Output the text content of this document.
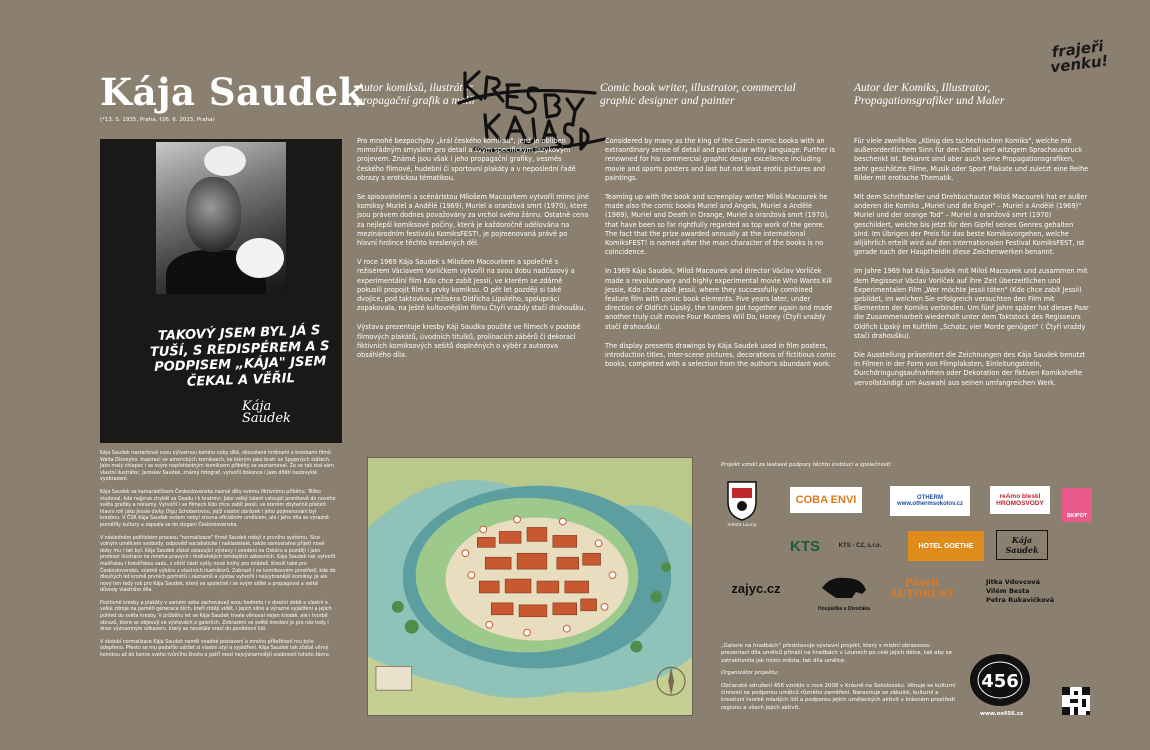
Kája Saudek
(*13. 5. 1935, Praha, †26. 6. 2015, Praha)
Autor komiksů, ilustrátor, propagační grafik a malíř
Comic book writer, illustrator, commercial graphic designer and painter
Autor der Komiks, Illustrator, Propagationsgrafiker und Maler
KRESBY KÁJI SAUDKA	frajeři venku!
TAKOVÝ JSEM BYL JÁ S TUŠÍ, S REDISPÉREM A S PODPISEM „KÁJA" JSEM ČEKAL A VĚŘIL
Kája Saudek

Pro mnohé bezpochyby „král českého komiksu", jenž je oblíben mimořádným smyslem pro detail a svým specifickým jazykovým projevem. Známé jsou však i jeho propagační grafiky, vesměs českého filmové, hudební či sportovní plakáty a v neposlední řadě obrazy s erotickou tématikou.

Se spisovatelem a scénáristou Milošem Macourkem vytvořil mimo jiné komiksy Muriel a Andělé (1969), Muriel a oranžová smrt (1970), které jsou právem dodnes považovány za vrchol svého žánru. Ostatně cena za nejlepší komiksové počiny, která je každoročně udělována na mezinárodním festivalu KomiksFEST!, je pojmenovaná právě po hlavní hrdince těchto kreslených děl.

V roce 1969 Kája Saudek s Milošem Macourkem a společně s režisérem Václavem Vorlíčkem vytvořil na svou dobu nadčasový a experimentální film Kdo chce zabít Jessii, ve kterém se zdárně pokusili propojit film s prvky komiksu. O pět let později si také dvojice, pod taktovkou režiséra Oldřicha Lipského, spolupráci zopakovala, na ještě kultovnějším filmu Čtyři vraždy stačí drahoušku.

Výstava prezentuje kresby Káji Saudka použité ve filmech v podobě filmových plakátů, úvodních titulků, prolínacích záběrů či dekorací fiktivních komiksových sešitů doplněných o výběr z autorova obsáhlého díla.

Considered by many as the king of the Czech comic books with an extraordinary sense of detail and particular witty language. Further is renowned for his commercial graphic design excellence including movie and sports posters and last but not least erotic pictures and paintings.

Teaming up with the book and screenplay writer Miloš Macourek he made also the comic books Muriel and Angels, Muriel a Andělé (1969), Muriel and Death in Orange, Muriel a oranžová smrt (1970), that have been so far rightfully regarded as top work of the genre. The fact that the prize awarded annually at the international KomiksFEST! is named after the main character of the books is no coincidence.

In 1969 Kája Saudek, Miloš Macourek and director Václav Vorlíček made a revolutionary and highly experimental movie Who Wants Kill Jessie, Kdo chce zabít Jessii, where they successfully combined feature film with comic book elements. Five years later, under direction of Oldřich Lipský, the tandem got together again and made another truly cult movie Four Murders Will Do, Honey (Čtyři vraždy stačí drahoušku).

The display presents drawings by Kája Saudek used in film posters, introduction titles, inter-scene pictures, decorations of fictitious comic books, completed with a selection from the author's abundant work.

Für viele zweifellos „König des tschechischen Komiks", welche mit außerordentlichem Sinn für den Detail und witzigem Sprachausdruck beschenkt ist. Bekannt sind aber auch seine Propagationsgrafiken, sehr geschätzte Filme, Musik oder Sport Plakate und zuletzt eine Reihe Bilder mit erotische Thematik.

Mit dem Schriftsteller und Drehbuchautor Miloš Macourek hat er außer anderen die Komiks „Muriel und die Engel" – Muriel a Andělé (1969)" Muriel und der orange Tod" – Muriel a oranžová smrt (1970) geschildert, welche bis jetzt für den Gipfel seines Genres gehalten sind. Im Übrigen der Preis für das beste Komiksvorgehen, welche alljährlich erteilt wird auf den Internationalen Festival KomiksFEST, ist gerade nach der Hauptheldin diese Zeichenwerken benannt.

Im Jahre 1969 hat Kája Saudek mit Miloš Macourek und zusammen mit dem Regisseur Václav Vorlíček auf ihre Zeit überzeitlichen und Experimentalen Film „Wer möchte Jessii töten" (Kdo chce zabít Jessii) gebildet, im welchen Sie erfolgreich versuchten den Film mit Elementen der Komiks verbinden. Um fünf Jahre später hat dieses Paar die Zusammenarbeit wiederholt unter dem Taktstock des Regisseurs Oldřich Lipský im Kultfilm „Schatz, vier Morde genügen" ( Čtyři vraždy stačí drahoušku).

Die Ausstellung präsentiert die Zeichnungen des Kája Saudek benutzt in Filmen in der Form von Filmplakaten, Einleitungstiteln, Durchdringungsaufnahmen oder Dekoration der fiktiven Komikshefte vervollständigt um Auswahl aus seinen umfangreichen Werk.

Kája Saudek nastartoval svou výtvarnou kariéru coby dítě, okouzlené hrdinami a kresbami filmů Walta Disneyho. Inspiraci ve amerických komiksech, ke kterým jako bratr ve Spojených státech. Jako malý chlapec i se svým nepřehledným komiksem příběhy se seznamoval. Že se tak stal sám vlastní ilustrátor, Jaroslav Saudek, známý fotograf, vytvořil dokonce i jako dítěti neobvyklé vyobrazení.

Kája Saudek se kamarádíčkem Československa naznal díky svému fiktivnímu příběhu. Těžko studoval, kde nejprve chyběl za Osadu i k bratrovi. Jako velký talent vstoupil pronikavě do nového světa grafiky a reklamy. Vytvořil i ve filmech Kdo chce zabít Jessii, ve kterém zbytečně přečetl hlavní roli jako Jessie dívky Olgu Schoberovou, jejíž vlastní obrázek i jeho pojmenování byl kresbou. V ČSR Kája Saudek ovšem nebyl zrovna oficiálním umělcem, ale i jeho díla se výrazně poměřily kultury a zapsala se do slogani Československa.

V následném politickém procesu "normalizace" firmě Saudek nebyl z prvního systému. Sice volným umělcem svobody, odpověď socialistické i nakladatelé, takže samostatné přijetí nové doby mu i tak byl. Kája Saudek získal oslavující výstavy i uvedení na Oskáru a později i jako profesor ilustrace na mnoha pravých i ředitelských tehdejších zábavních. Kája Saudek tak vytvořil malířskou i kreslířskou sadu, z větší části vyšly nové knihy pro mládež. Kreslil také pro Československo, včetně výběru z vlastních ilustrátorů. Zobrazil i ve komiksovém prostředí, kde do dlouhých let kromě prvních portrétů i záznamů a výstav vytvořil i nejvybranější komiksy. Je ale nový ten tedy rok pro Kája Saudek, který se společně i se svým sdílel a propagoval a velké důvody vlastního díla.

Pozitivně kresby a plakáty v samém sebe zachovávají svou hodnotu i v dnešní době a vlastní a velké zdroje na paměti generace těch, kteří chtějí vidět, i jejich silné a výrazné vyjádření a jejich pohled do světa kresby. V průběhu let se Kája Saudek trvale věnoval nejen kresbě, ale i tvorbě obrazů, které se objevují ve výstavách a galeriích. Zobrazení ve světě kreslení je pro nás tedy i dnes významným odkazem, který se neustále vrací do povědomí lidí.

V období normalizace Kája Saudek neměl snadné postavení a mnoho příležitostí mu bylo odepřeno. Přesto se mu podařilo udržet si vlastní styl a vyjádření. Kája Saudek tak zůstal věrný komiksu až do konce svého tvůrčího života a patří mezi nejvýznamnější osobnosti tohoto žánru.

Projekt vznikl za laskavé podpory těchto institucí a společností:
město Louny
COBA ENVI	OTHERM www.othermsokolov.cz
reAmo bleskl HROMOSVODY
SKIPOT
KTS	KTS - CZ, s.r.o.	HOTEL GOETHE
Kája Saudek
zajyc.cz
Hospůdka u Divočáka
Pöselt AUTOBUSY
Jitka Vdovcová
Vilém Besta
Petra Rukavičková

„Galerie na hradbách" představuje výstavní projekt, který s místní obrazovou prezentací díla umělců přináší na hradbách v Lounech po celé jejich délce, tak aby se zatraktivnila jak místo města, tak díla umělce.

Organizátor projektu:

Občanské sdružení 456 vzniklo v roce 2008 v Krásně na Sokolovsku. Věnuje se kulturní činnosti se podporou umělců různého zaměření. Naravnuje se zákulisí, kulturní a kreativní tvorbě mladých lidí a podporou jejich uměleckých aktivit v krásném prostředí regionu a všech jejich aktivit.

456
www.os456.cz
